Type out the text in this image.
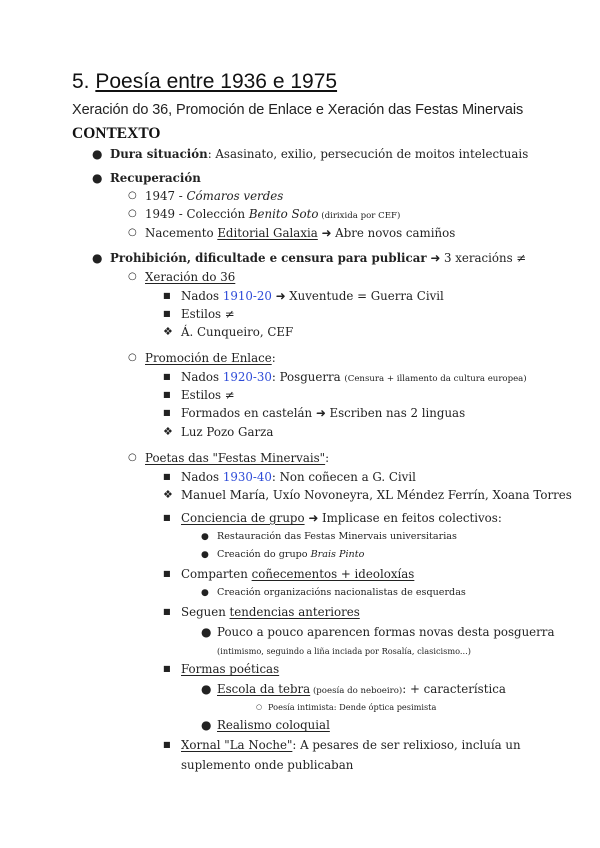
5. Poesía entre 1936 e 1975

Xeración do 36, Promoción de Enlace e Xeración das Festas Minervais

CONTEXTO
● Dura situación: Asasinato, exilio, persecución de moitos intelectuais
● Recuperación
○ 1947 - Cómaros verdes
○ 1949 - Colección Benito Soto (dirixida por CEF)
○ Nacemento Editorial Galaxia ➜ Abre novos camiños
● Prohibición, dificultade e censura para publicar ➜ 3 xeracións ≠
○ Xeración do 36
■ Nados 1910-20 ➜ Xuventude = Guerra Civil
■ Estilos ≠
❖ Á. Cunqueiro, CEF
○ Promoción de Enlace:
■ Nados 1920-30: Posguerra (Censura + illamento da cultura europea)
■ Estilos ≠
■ Formados en castelán ➜ Escriben nas 2 linguas
❖ Luz Pozo Garza
○ Poetas das "Festas Minervais":
■ Nados 1930-40: Non coñecen a G. Civil
❖ Manuel María, Uxío Novoneyra, XL Méndez Ferrín, Xoana Torres
■ Conciencia de grupo ➜ Implicase en feitos colectivos:
● Restauración das Festas Minervais universitarias
● Creación do grupo Brais Pinto
■ Comparten coñecementos + ideoloxías
● Creación organizacións nacionalistas de esquerdas
■ Seguen tendencias anteriores
● Pouco a pouco aparencen formas novas desta posguerra
(intimismo, seguindo a liña inciada por Rosalía, clasicismo...)
■ Formas poéticas
● Escola da tebra (poesía do neboeiro): + característica
○ Poesía intimista: Dende óptica pesimista
● Realismo coloquial
■ Xornal "La Noche": A pesares de ser relixioso, incluía un
suplemento onde publicaban
